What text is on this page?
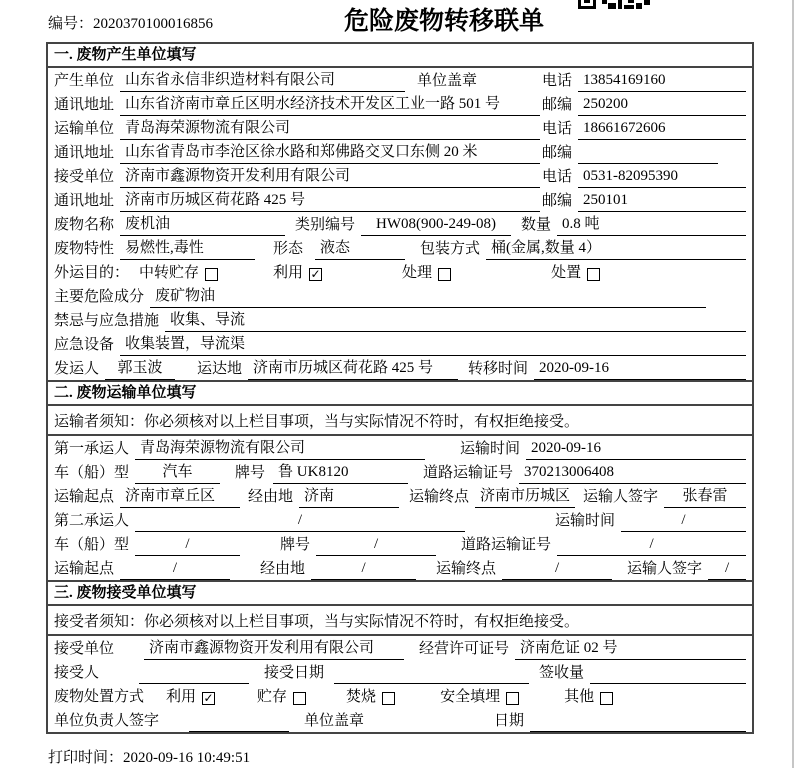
编号：2020370100016856	危险废物转移联单
一. 废物产生单位填写
产生单位 山东省永信非织造材料有限公司	单位盖章	电话 13854169160
通讯地址 山东省济南市章丘区明水经济技术开发区工业一路 501 号	邮编 250200
运输单位 青岛海荣源物流有限公司	电话 18661672606
通讯地址 山东省青岛市李沧区徐水路和郑佛路交叉口东侧 20 米	邮编
接受单位 济南市鑫源物资开发利用有限公司	电话 0531-82095390
通讯地址 济南市历城区荷花路 425 号	邮编 250101
废物名称 废机油	类别编号	HW08(900-249-08)	数量 0.8 吨
废物特性 易燃性,毒性	形态	液态	包装方式 桶(金属,数量 4）
外运目的： 中转贮存	利用 ✓	处理	处置
主要危险成分 废矿物油
禁忌与应急措施 收集、导流
应急设备 收集装置，导流渠
发运人	郭玉波	运达地 济南市历城区荷花路 425 号	转移时间 2020-09-16
二. 废物运输单位填写
运输者须知：你必须核对以上栏目事项，当与实际情况不符时，有权拒绝接受。
第一承运人 青岛海荣源物流有限公司	运输时间 2020-09-16
车（船）型	汽车	牌号 鲁 UK8120	道路运输证号 370213006408
运输起点 济南市章丘区	经由地 济南	运输终点 济南市历城区 运输人签字	张春雷
第二承运人	/	运输时间	/
车（船）型	/	牌号	/	道路运输证号	/
运输起点	/	经由地	/	运输终点	/	运输人签字	/
三. 废物接受单位填写
接受者须知：你必须核对以上栏目事项，当与实际情况不符时，有权拒绝接受。
接受单位	济南市鑫源物资开发利用有限公司	经营许可证号 济南危证 02 号
接受人	接受日期	签收量
废物处置方式 利用 ✓	贮存	焚烧	安全填埋	其他
单位负责人签字	单位盖章	日期
打印时间：2020-09-16 10:49:51
